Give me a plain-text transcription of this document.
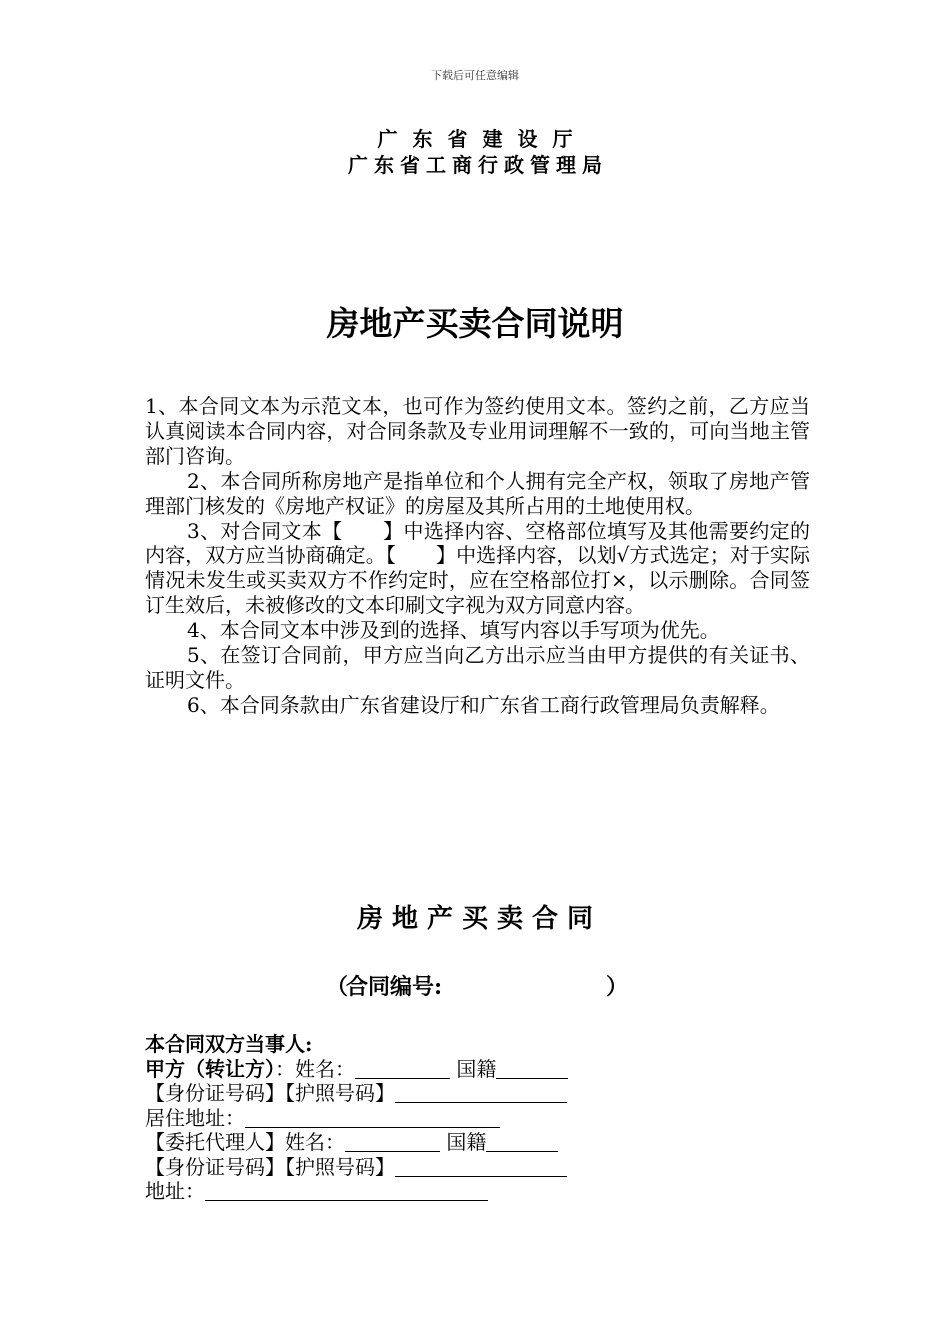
下载后可任意编辑
广东省建设厅
广东省工商行政管理局
房地产买卖合同说明

1、本合同文本为示范文本，也可作为签约使用文本。签约之前，乙方应当认真阅读本合同内容，对合同条款及专业用词理解不一致的，可向当地主管部门咨询。

2、本合同所称房地产是指单位和个人拥有完全产权，领取了房地产管理部门核发的《房地产权证》的房屋及其所占用的土地使用权。

3、对合同文本【　　】中选择内容、空格部位填写及其他需要约定的内容，双方应当协商确定。【　　】中选择内容，以划√方式选定；对于实际情况未发生或买卖双方不作约定时，应在空格部位打×，以示删除。合同签订生效后，未被修改的文本印刷文字视为双方同意内容。

4、本合同文本中涉及到的选择、填写内容以手写项为优先。

5、在签订合同前，甲方应当向乙方出示应当由甲方提供的有关证书、证明文件。

6、本合同条款由广东省建设厅和广东省工商行政管理局负责解释。

房地产买卖合同
（
合同编号:	）
本合同双方当事人:
甲方（转让方）：姓名：	国籍
【身份证号码】【护照号码】
居住地址：
【委托代理人】姓名：	国籍
【身份证号码】【护照号码】
地址：
